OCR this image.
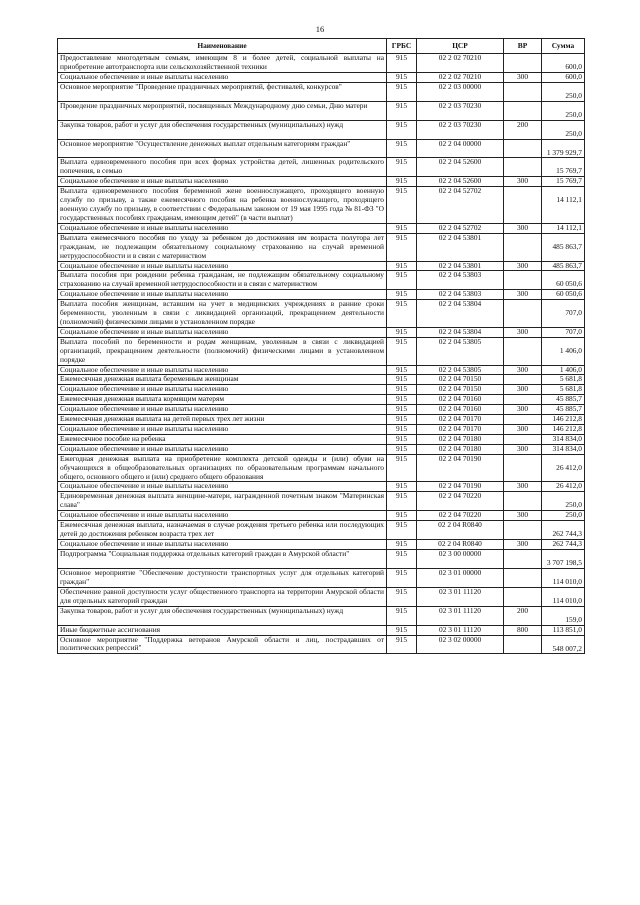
16
Наименование	ГРБС	ЦСР	ВР	Сумма
Предоставление многодетным семьям, имеющим 8 и более детей, социальной выплаты на приобретение автотранспорта или сельскохозяйственной техники	915	02 2 02 70210		600,0
Социальное обеспечение и иные выплаты населению	915	02 2 02 70210	300	600,0
Основное мероприятие "Проведение праздничных мероприятий, фестивалей, конкурсов"	915	02 2 03 00000		250,0
Проведение праздничных мероприятий, посвященных Международному дню семьи, Дню матери	915	02 2 03 70230		250,0
Закупка товаров, работ и услуг для обеспечения государственных (муниципальных) нужд	915	02 2 03 70230	200	250,0
Основное мероприятие "Осуществление денежных выплат отдельным категориям граждан"	915	02 2 04 00000		1 379 929,7
Выплата единовременного пособия при всех формах устройства детей, лишенных родительского попечения, в семью	915	02 2 04 52600		15 769,7
Социальное обеспечение и иные выплаты населению	915	02 2 04 52600	300	15 769,7
Выплата единовременного пособия беременной жене военнослужащего, проходящего военную службу по призыву, а также ежемесячного пособия на ребенка военнослужащего, проходящего военную службу по призыву, в соответствии с Федеральным законом от 19 мая 1995 года № 81-ФЗ "О государственных пособиях гражданам, имеющим детей" (в части выплат)	915	02 2 04 52702		14 112,1
Социальное обеспечение и иные выплаты населению	915	02 2 04 52702	300	14 112,1
Выплата ежемесячного пособия по уходу за ребенком до достижения им возраста полутора лет гражданам, не подлежащим обязательному социальному страхованию на случай временной нетрудоспособности и в связи с материнством	915	02 2 04 53801		485 863,7
Социальное обеспечение и иные выплаты населению	915	02 2 04 53801	300	485 863,7
Выплата пособия при рождении ребенка гражданам, не подлежащим обязательному социальному страхованию на случай временной нетрудоспособности и в связи с материнством	915	02 2 04 53803		60 050,6
Социальное обеспечение и иные выплаты населению	915	02 2 04 53803	300	60 050,6
Выплата пособия женщинам, вставшим на учет в медицинских учреждениях в ранние сроки беременности, уволенным в связи с ликвидацией организаций, прекращением деятельности (полномочий) физическими лицами в установленном порядке	915	02 2 04 53804		707,0
Социальное обеспечение и иные выплаты населению	915	02 2 04 53804	300	707,0
Выплата пособий по беременности и родам женщинам, уволенным в связи с ликвидацией организаций, прекращением деятельности (полномочий) физическими лицами в установленном порядке	915	02 2 04 53805		1 406,0
Социальное обеспечение и иные выплаты населению	915	02 2 04 53805	300	1 406,0
Ежемесячная денежная выплата беременным женщинам	915	02 2 04 70150		5 681,8
Социальное обеспечение и иные выплаты населению	915	02 2 04 70150	300	5 681,8
Ежемесячная денежная выплата кормящим матерям	915	02 2 04 70160		45 885,7
Социальное обеспечение и иные выплаты населению	915	02 2 04 70160	300	45 885,7
Ежемесячная денежная выплата на детей первых трех лет жизни	915	02 2 04 70170		146 212,8
Социальное обеспечение и иные выплаты населению	915	02 2 04 70170	300	146 212,8
Ежемесячное пособие на ребенка	915	02 2 04 70180		314 834,0
Социальное обеспечение и иные выплаты населению	915	02 2 04 70180	300	314 834,0
Ежегодная денежная выплата на приобретение комплекта детской одежды и (или) обуви на обучающихся в общеобразовательных организациях по образовательным программам начального общего, основного общего и (или) среднего общего образования	915	02 2 04 70190		26 412,0
Социальное обеспечение и иные выплаты населению	915	02 2 04 70190	300	26 412,0
Единовременная денежная выплата женщине-матери, награжденной почетным знаком "Материнская слава"	915	02 2 04 70220		250,0
Социальное обеспечение и иные выплаты населению	915	02 2 04 70220	300	250,0
Ежемесячная денежная выплата, назначаемая в случае рождения третьего ребенка или последующих детей до достижения ребенком возраста трех лет	915	02 2 04 R0840		262 744,3
Социальное обеспечение и иные выплаты населению	915	02 2 04 R0840	300	262 744,3
Подпрограмма "Социальная поддержка отдельных категорий граждан в Амурской области"	915	02 3 00 00000		3 707 198,5
Основное мероприятие "Обеспечение доступности транспортных услуг для отдельных категорий граждан"	915	02 3 01 00000		114 010,0
Обеспечение равной доступности услуг общественного транспорта на территории Амурской области для отдельных категорий граждан	915	02 3 01 11120		114 010,0
Закупка товаров, работ и услуг для обеспечения государственных (муниципальных) нужд	915	02 3 01 11120	200	159,0
Иные бюджетные ассигнования	915	02 3 01 11120	800	113 851,0
Основное мероприятие "Поддержка ветеранов Амурской области и лиц, пострадавших от политических репрессий"	915	02 3 02 00000		548 007,2
